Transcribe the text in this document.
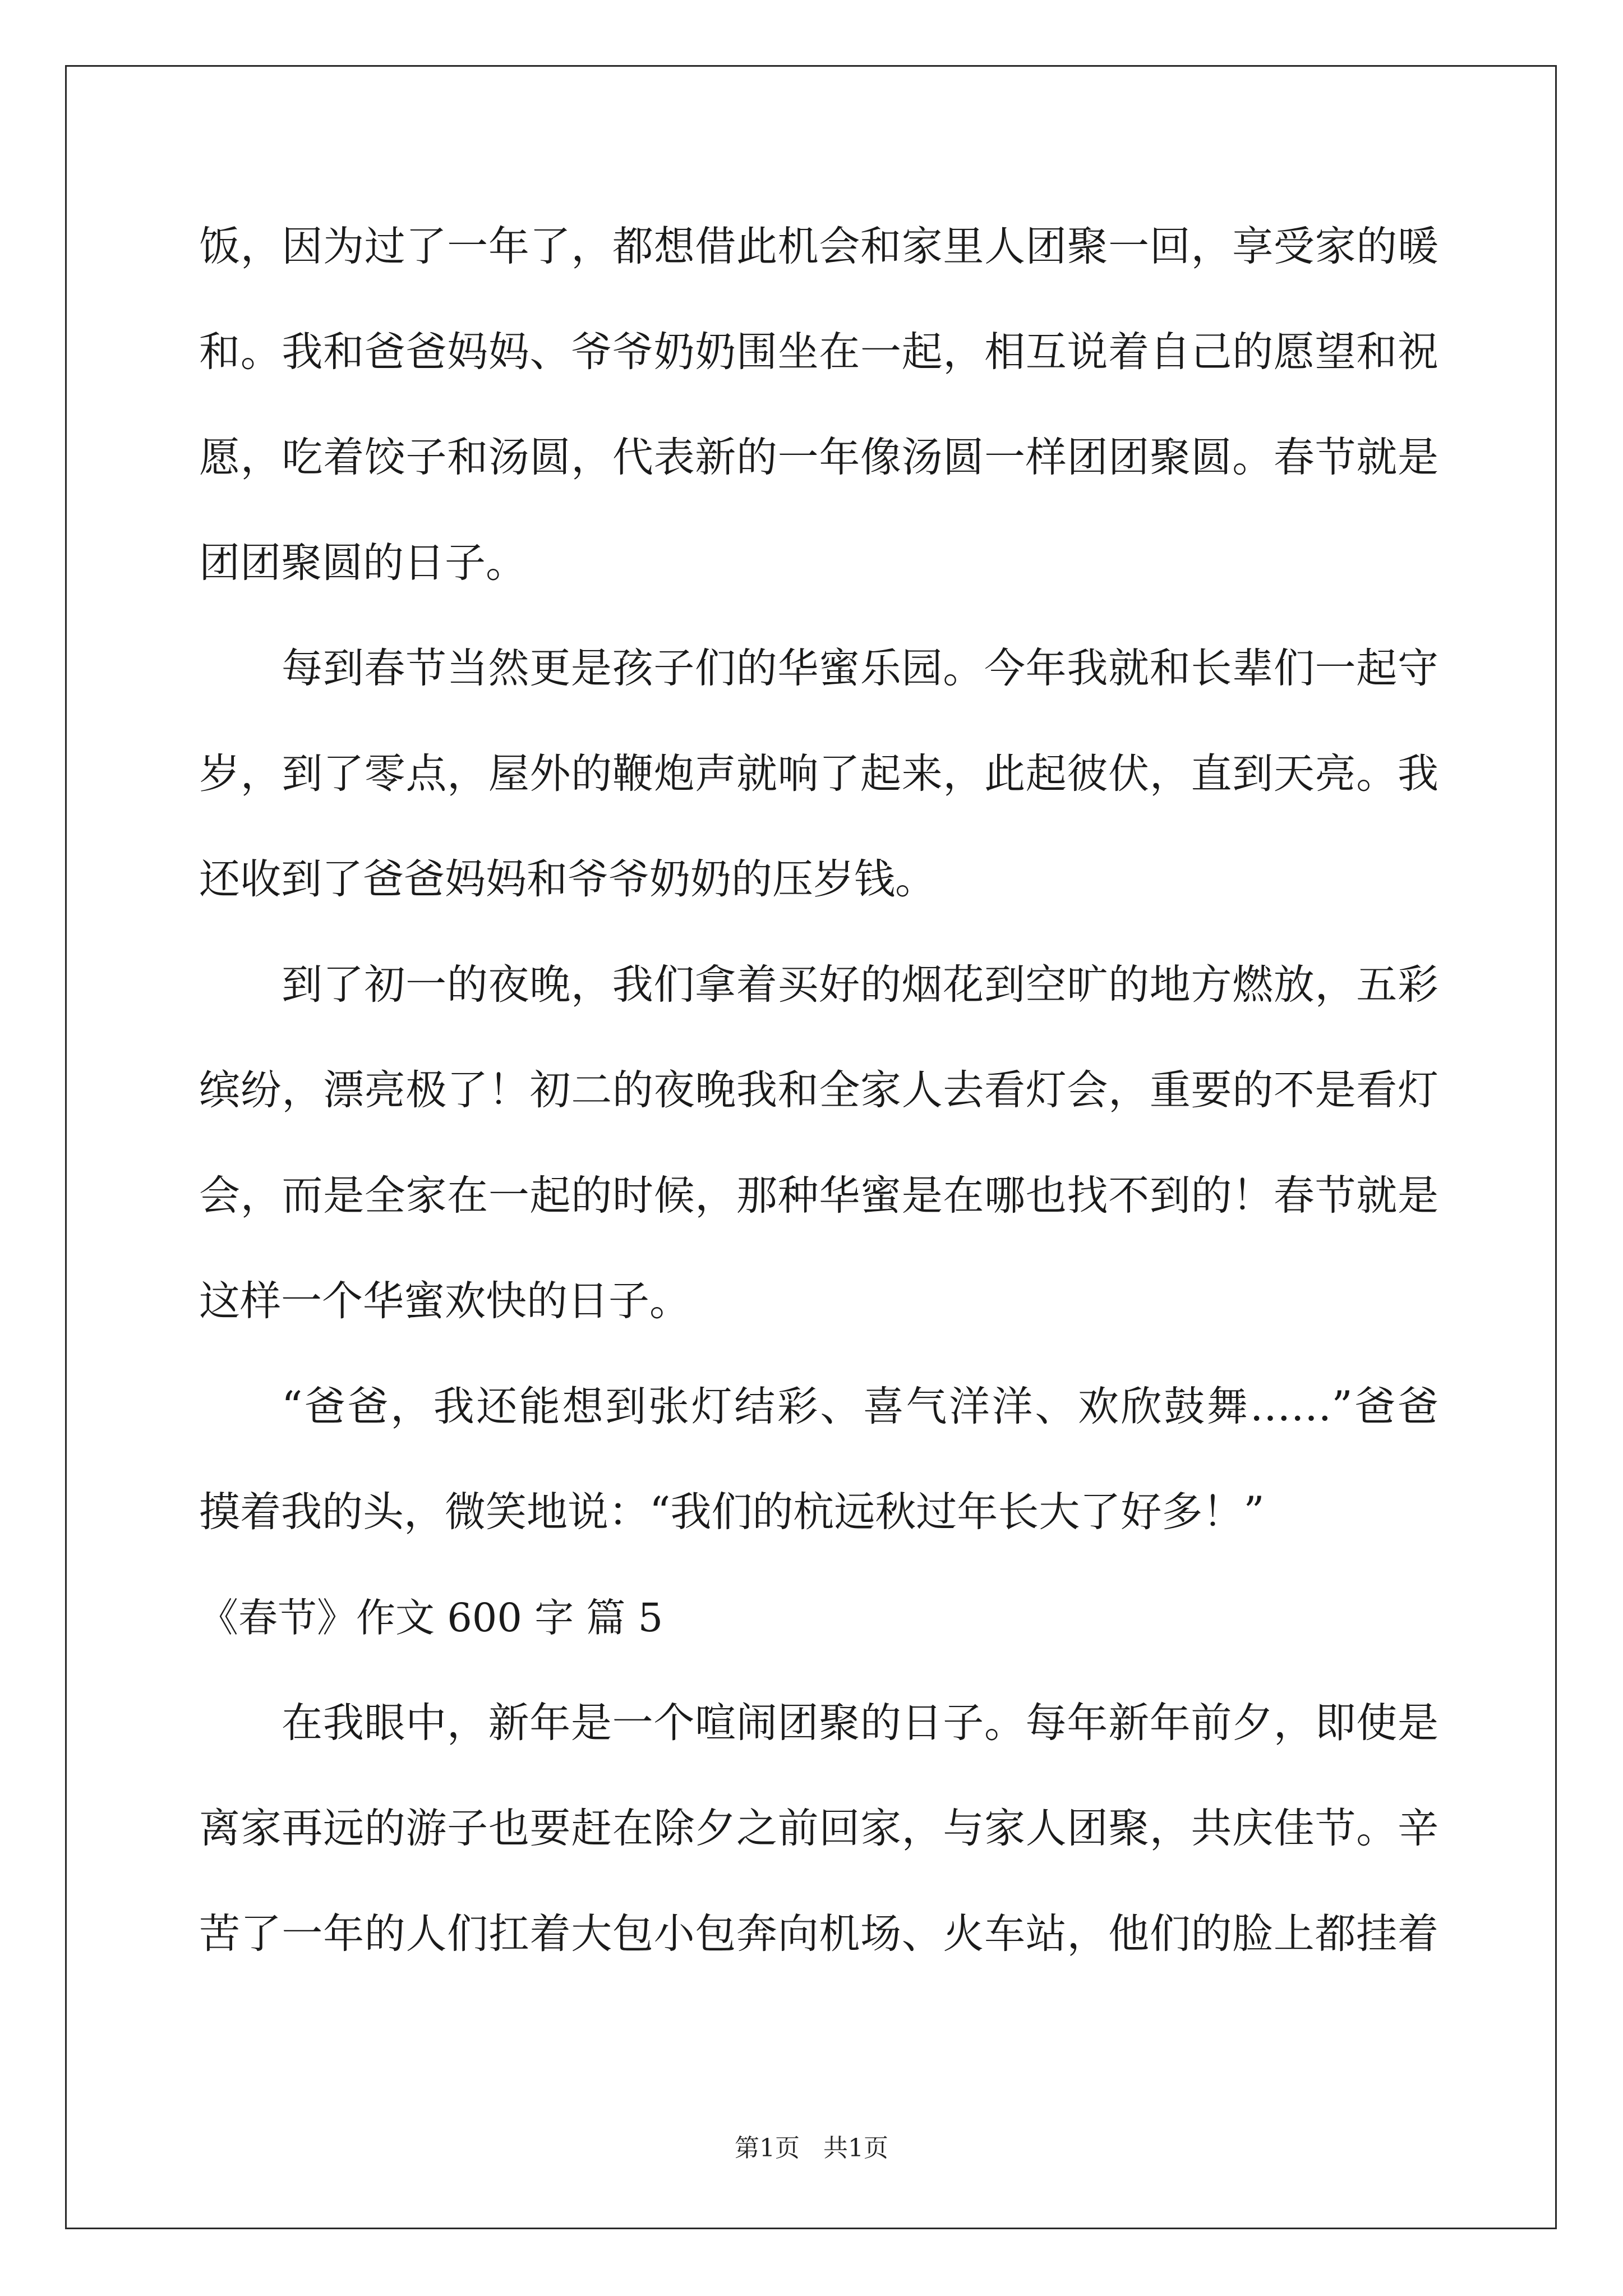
饭，因为过了一年了，都想借此机会和家里人团聚一回，享受家的暖
和。我和爸爸妈妈、爷爷奶奶围坐在一起，相互说着自己的愿望和祝
愿，吃着饺子和汤圆，代表新的一年像汤圆一样团团聚圆。春节就是
团团聚圆的日子。
每到春节当然更是孩子们的华蜜乐园。今年我就和长辈们一起守
岁，到了零点，屋外的鞭炮声就响了起来，此起彼伏，直到天亮。我
还收到了爸爸妈妈和爷爷奶奶的压岁钱。
到了初一的夜晚，我们拿着买好的烟花到空旷的地方燃放，五彩
缤纷，漂亮极了！初二的夜晚我和全家人去看灯会，重要的不是看灯
会，而是全家在一起的时候，那种华蜜是在哪也找不到的！春节就是
这样一个华蜜欢快的日子。
“爸爸，我还能想到张灯结彩、喜气洋洋、欢欣鼓舞……”爸爸
摸着我的头，微笑地说：“我们的杭远秋过年长大了好多！”
《春节》作文 600 字 篇 5
在我眼中，新年是一个喧闹团聚的日子。每年新年前夕，即使是
离家再远的游子也要赶在除夕之前回家，与家人团聚，共庆佳节。辛
苦了一年的人们扛着大包小包奔向机场、火车站，他们的脸上都挂着
第1页 共1页
